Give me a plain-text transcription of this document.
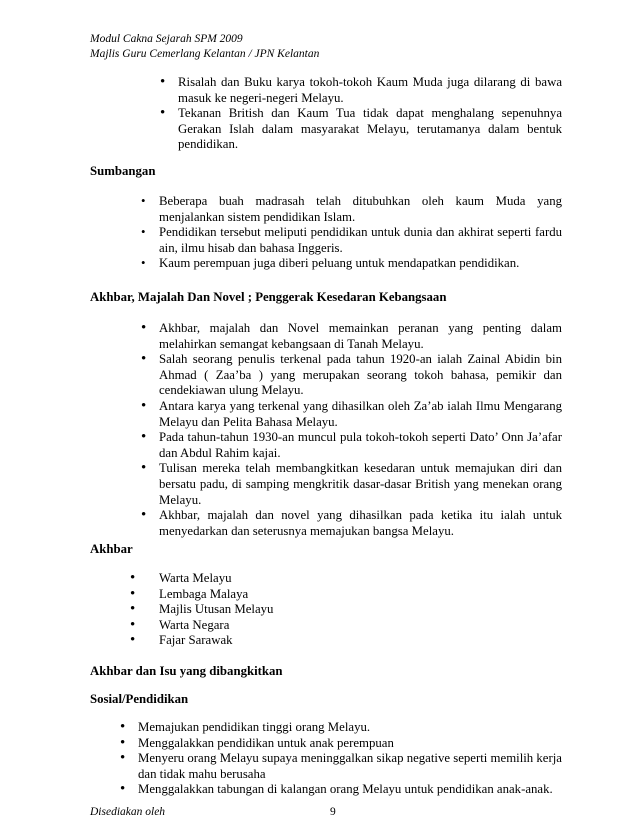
Modul Cakna Sejarah SPM 2009
Majlis Guru Cemerlang Kelantan / JPN Kelantan
• Risalah dan Buku karya tokoh-tokoh Kaum Muda juga dilarang di bawa masuk ke negeri-negeri Melayu.
• Tekanan British dan Kaum Tua tidak dapat menghalang sepenuhnya Gerakan Islah dalam masyarakat Melayu, terutamanya dalam bentuk pendidikan.
Sumbangan
• Beberapa buah madrasah telah ditubuhkan oleh kaum Muda yang menjalankan sistem pendidikan Islam.
• Pendidikan tersebut meliputi pendidikan untuk dunia dan akhirat seperti fardu ain, ilmu hisab dan bahasa Inggeris.
• Kaum perempuan juga diberi peluang untuk mendapatkan pendidikan.
Akhbar, Majalah Dan Novel ; Penggerak Kesedaran Kebangsaan
• Akhbar, majalah dan Novel memainkan peranan yang penting dalam melahirkan semangat kebangsaan di Tanah Melayu.
• Salah seorang penulis terkenal pada tahun 1920-an ialah Zainal Abidin bin Ahmad ( Zaa’ba ) yang merupakan seorang tokoh bahasa, pemikir dan cendekiawan ulung Melayu.
• Antara karya yang terkenal yang dihasilkan oleh Za’ab ialah Ilmu Mengarang Melayu dan Pelita Bahasa Melayu.
• Pada tahun-tahun 1930-an muncul pula tokoh-tokoh seperti Dato’ Onn Ja’afar dan Abdul Rahim kajai.
• Tulisan mereka telah membangkitkan kesedaran untuk memajukan diri dan bersatu padu, di samping mengkritik dasar-dasar British yang menekan orang Melayu.
• Akhbar, majalah dan novel yang dihasilkan pada ketika itu ialah untuk menyedarkan dan seterusnya memajukan bangsa Melayu.
Akhbar
• Warta Melayu
• Lembaga Malaya
• Majlis Utusan Melayu
• Warta Negara
• Fajar Sarawak
Akhbar dan Isu yang dibangkitkan
Sosial/Pendidikan
• Memajukan pendidikan tinggi orang Melayu.
• Menggalakkan pendidikan untuk anak perempuan
• Menyeru orang Melayu supaya meninggalkan sikap negative seperti memilih kerja dan tidak mahu berusaha
• Menggalakkan tabungan di kalangan orang Melayu untuk pendidikan anak-anak.
Disediakan oleh	9
